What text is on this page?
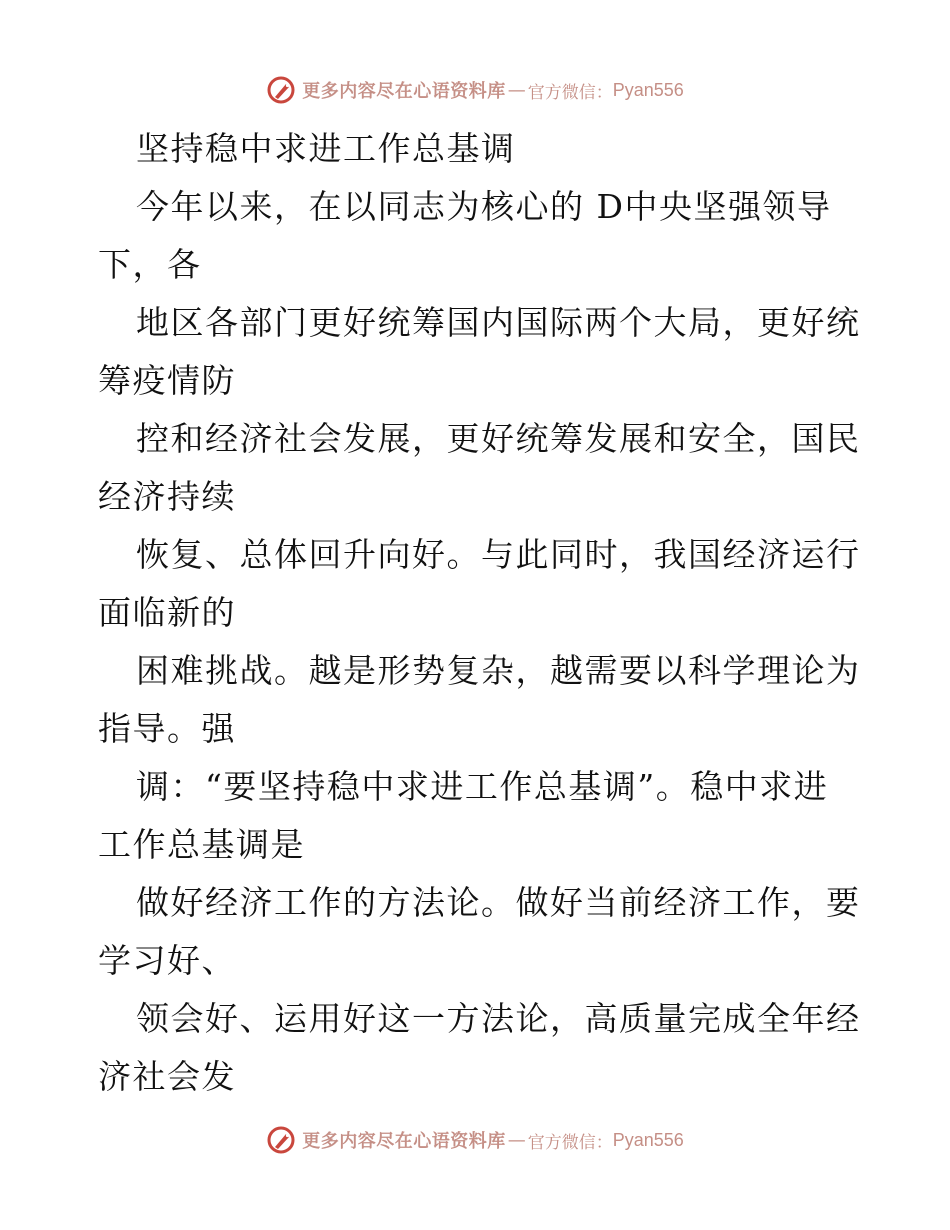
更多内容尽在心语资料库 — 官方微信： Pyan556
坚持稳中求进工作总基调
今年以来，在以同志为核心的 D中央坚强领导
下，各
地区各部门更好统筹国内国际两个大局，更好统
筹疫情防
控和经济社会发展，更好统筹发展和安全，国民
经济持续
恢复、总体回升向好。与此同时，我国经济运行
面临新的
困难挑战。越是形势复杂，越需要以科学理论为
指导。强
调：“要坚持稳中求进工作总基调”。稳中求进
工作总基调是
做好经济工作的方法论。做好当前经济工作，要
学习好、
领会好、运用好这一方法论，高质量完成全年经
济社会发
更多内容尽在心语资料库 — 官方微信： Pyan556
